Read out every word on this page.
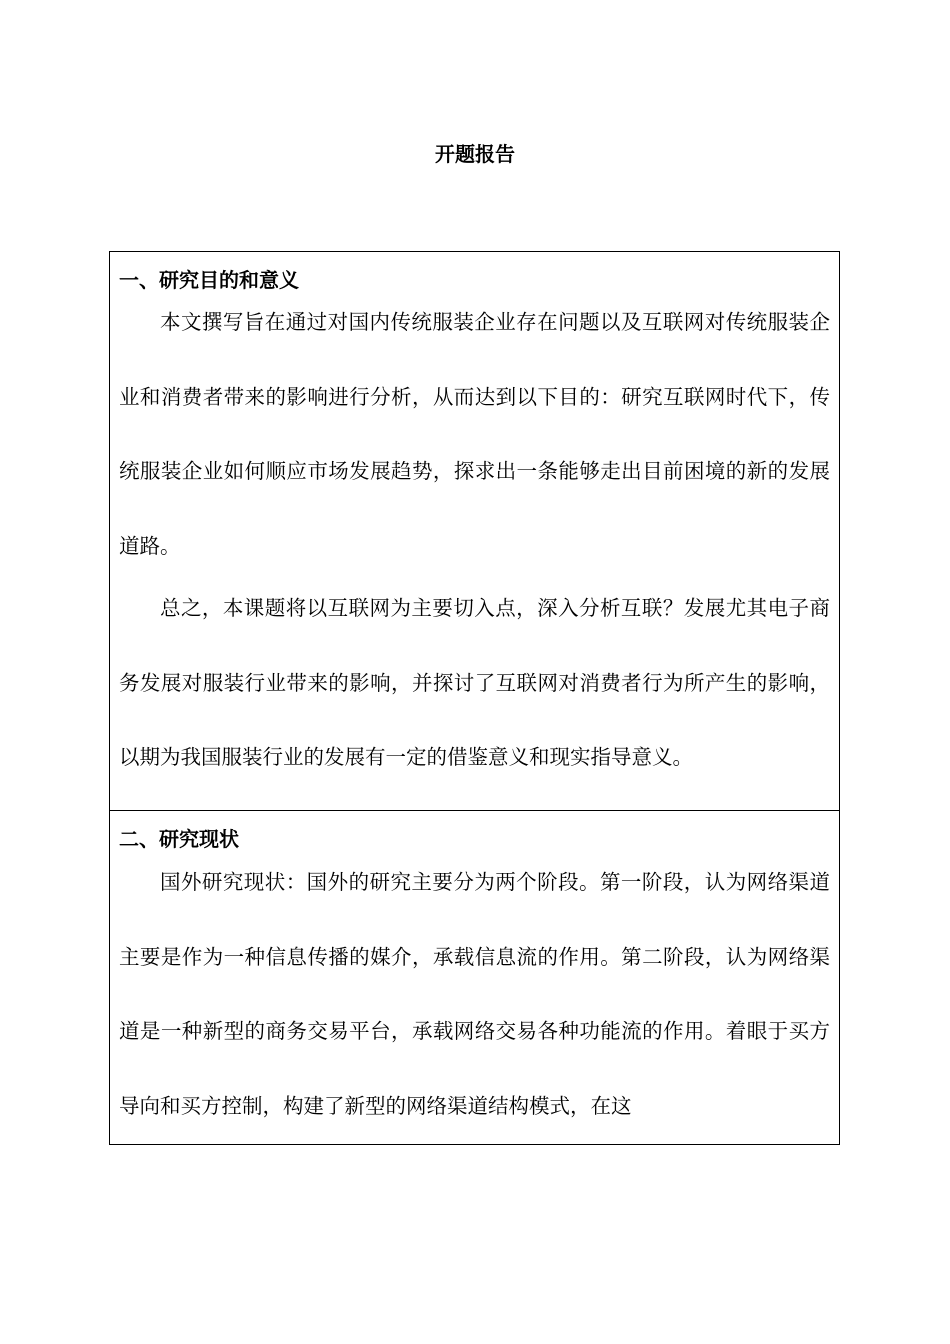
开题报告
一、研究目的和意义

本文撰写旨在通过对国内传统服装企业存在问题以及互联网对传统服装企业和消费者带来的影响进行分析，从而达到以下目的：研究互联网时代下，传统服装企业如何顺应市场发展趋势，探求出一条能够走出目前困境的新的发展道路。

总之，本课题将以互联网为主要切入点，深入分析互联？发展尤其电子商务发展对服装行业带来的影响，并探讨了互联网对消费者行为所产生的影响，以期为我国服装行业的发展有一定的借鉴意义和现实指导意义。

二、研究现状

国外研究现状：国外的研究主要分为两个阶段。第一阶段，认为网络渠道主要是作为一种信息传播的媒介，承载信息流的作用。第二阶段，认为网络渠道是一种新型的商务交易平台，承载网络交易各种功能流的作用。着眼于买方导向和买方控制，构建了新型的网络渠道结构模式，在这
